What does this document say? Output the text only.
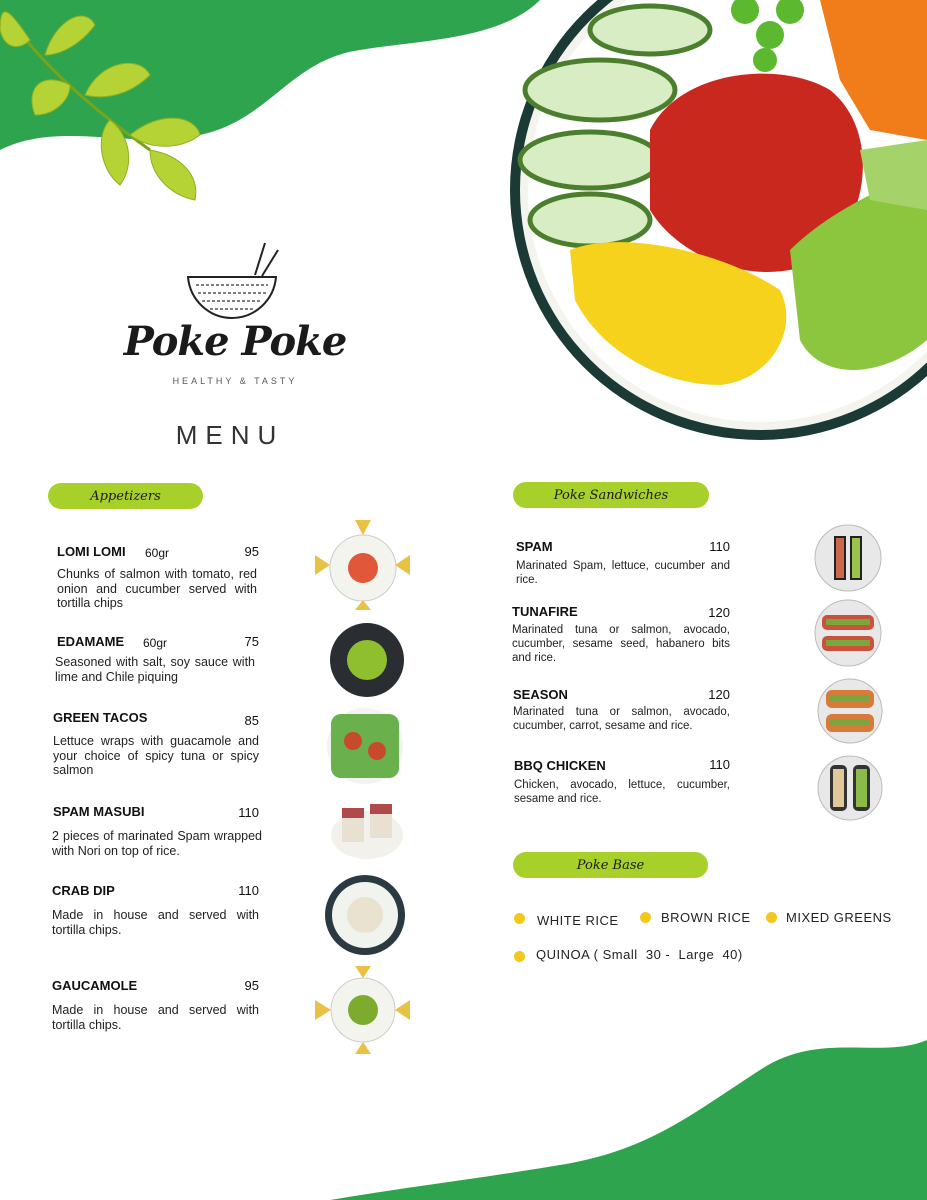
Poke Poke
HEALTHY & TASTY
MENU
Appetizers
LOMI LOMI 60gr	95
Chunks of salmon with tomato, red onion and cucumber served with tortilla chips
EDAMAME 60gr	75
Seasoned with salt, soy sauce with lime and Chile piquing
GREEN TACOS	85
Lettuce wraps with guacamole and your choice of spicy tuna or spicy salmon
SPAM MASUBI	110
2 pieces of marinated Spam wrapped with Nori on top of rice.
CRAB DIP	110
Made in house and served with tortilla chips.
GAUCAMOLE	95
Made in house and served with tortilla chips.
Poke Sandwiches
SPAM	110
Marinated Spam, lettuce, cucumber and rice.
TUNAFIRE	120
Marinated tuna or salmon, avocado, cucumber, sesame seed, habanero bits and rice.
SEASON	120
Marinated tuna or salmon, avocado, cucumber, carrot, sesame and rice.
BBQ CHICKEN	110
Chicken, avocado, lettuce, cucumber, sesame and rice.
Poke Base
WHITE RICE	BROWN RICE	MIXED GREENS
QUINOA ( Small  30 -  Large  40)
